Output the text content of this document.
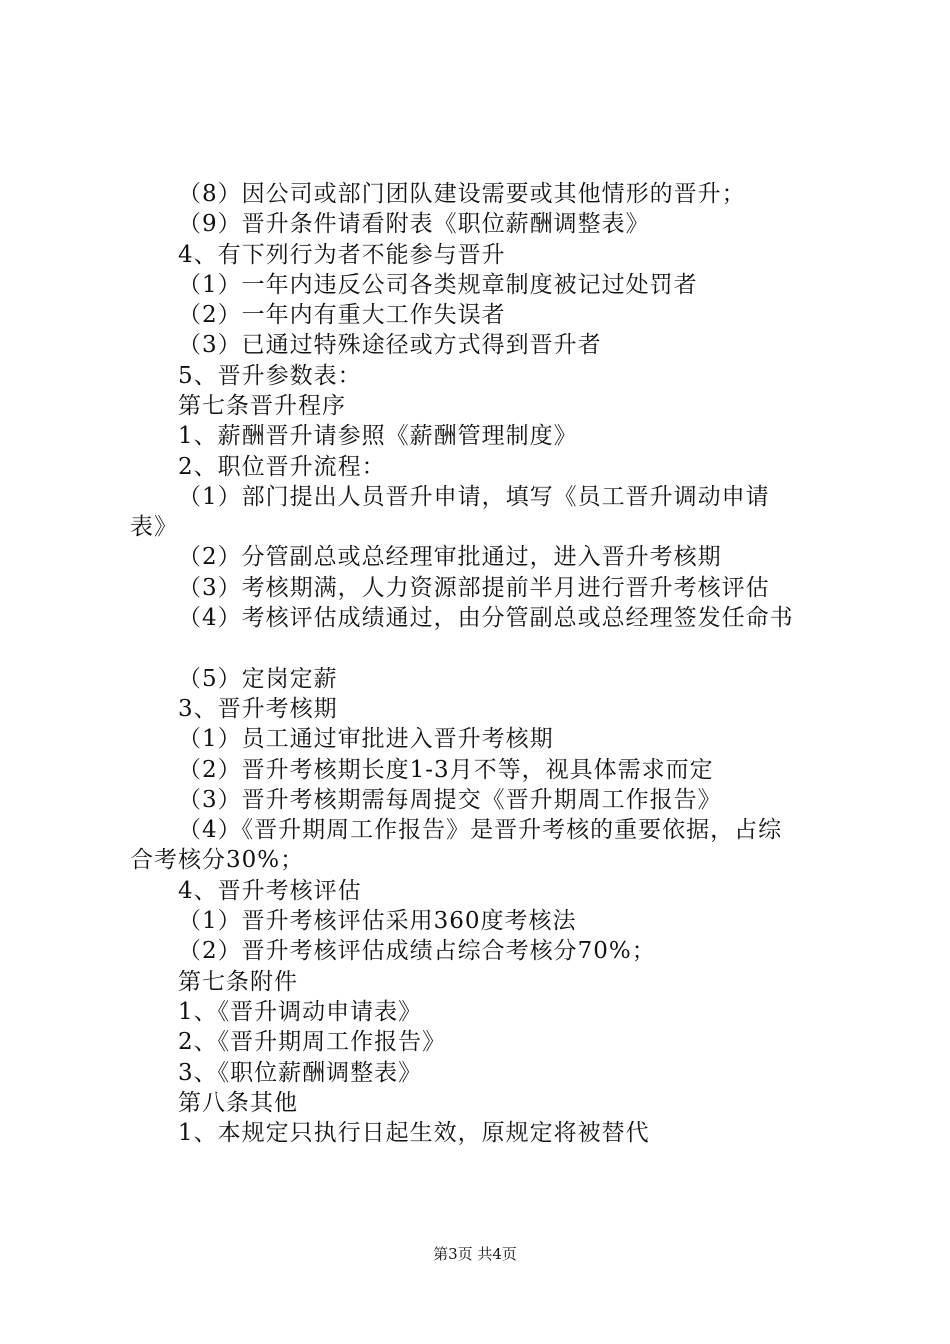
（8）因公司或部门团队建设需要或其他情形的晋升；
（9）晋升条件请看附表《职位薪酬调整表》
4、有下列行为者不能参与晋升
（1）一年内违反公司各类规章制度被记过处罚者
（2）一年内有重大工作失误者
（3）已通过特殊途径或方式得到晋升者
5、晋升参数表：
第七条晋升程序
1、薪酬晋升请参照《薪酬管理制度》
2、职位晋升流程：
（1）部门提出人员晋升申请，填写《员工晋升调动申请
表》
（2）分管副总或总经理审批通过，进入晋升考核期
（3）考核期满，人力资源部提前半月进行晋升考核评估
（4）考核评估成绩通过，由分管副总或总经理签发任命书
（5）定岗定薪
3、晋升考核期
（1）员工通过审批进入晋升考核期
（2）晋升考核期长度1-3月不等，视具体需求而定
（3）晋升考核期需每周提交《晋升期周工作报告》
（4）《晋升期周工作报告》是晋升考核的重要依据，占综
合考核分30%；
4、晋升考核评估
（1）晋升考核评估采用360度考核法
（2）晋升考核评估成绩占综合考核分70%；
第七条附件
1、《晋升调动申请表》
2、《晋升期周工作报告》
3、《职位薪酬调整表》
第八条其他
1、本规定只执行日起生效，原规定将被替代
第3页 共4页
